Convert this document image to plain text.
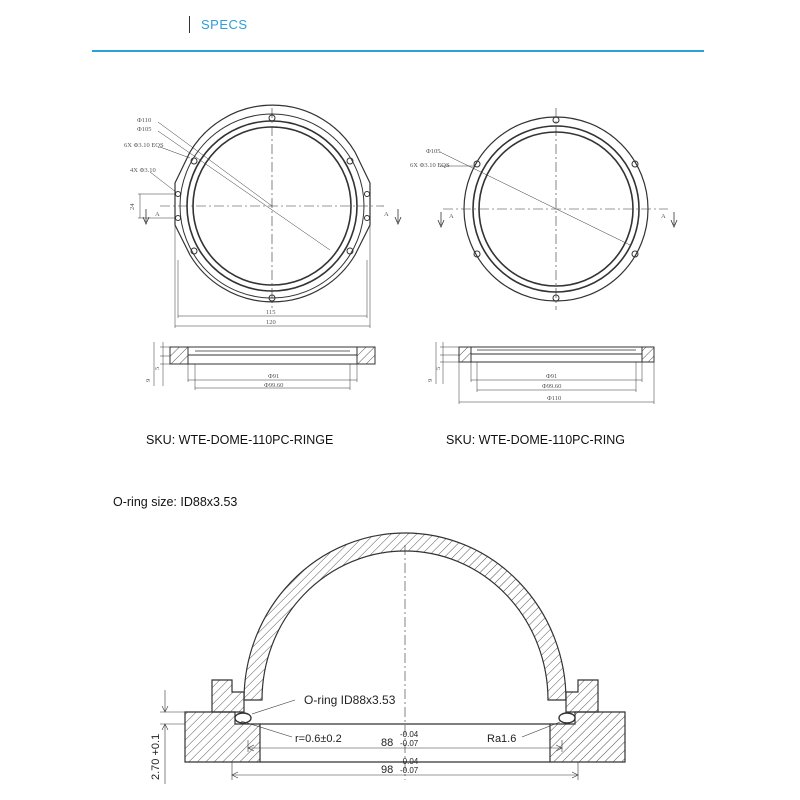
SPECS
Φ110
Φ105
6X Φ3.10 EQS
4X Φ3.10
24
A	A
115
120
Φ91
Φ99.60
9
5
Φ105
6X Φ3.10 EQS
A	A
Φ91
Φ99.60
Φ110
9
5
O-ring ID88x3.53
r=0.6±0.2	Ra1.6
88
-0.04
-0.07
98
-0.04
-0.07
2.70 +0.1
SKU: WTE-DOME-110PC-RINGE	SKU: WTE-DOME-110PC-RING
O-ring size: ID88x3.53
